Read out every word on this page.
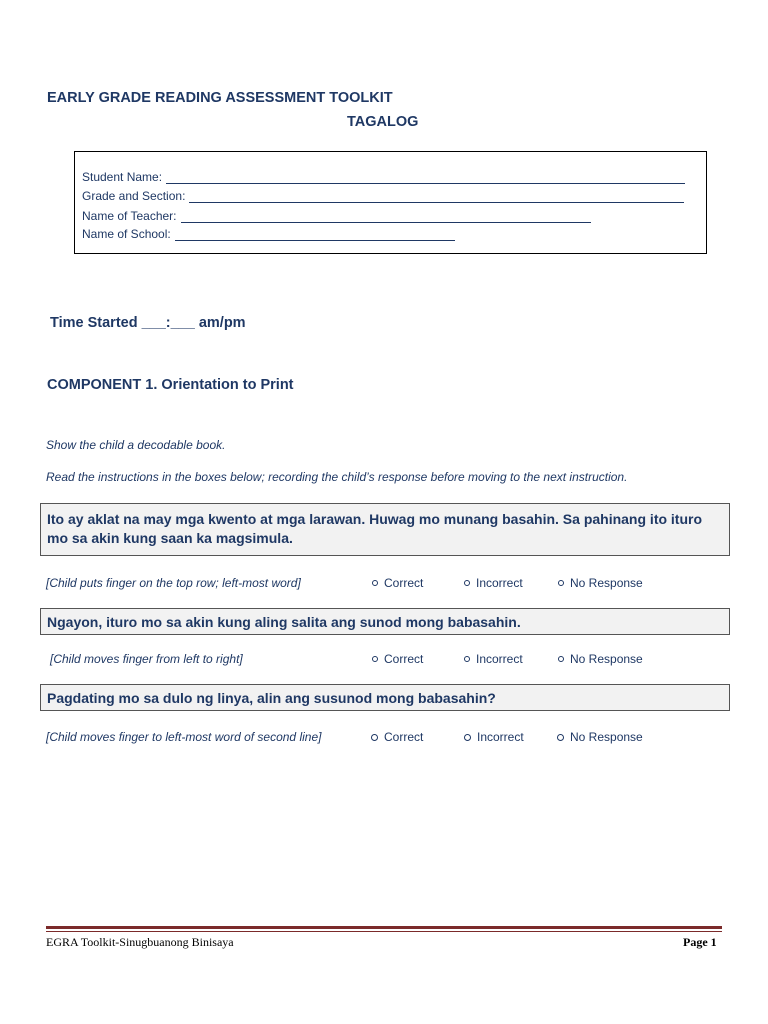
EARLY GRADE READING ASSESSMENT TOOLKIT
TAGALOG
Student Name:
Grade and Section:
Name of Teacher:
Name of School:
Time Started ___:___ am/pm
COMPONENT 1. Orientation to Print
Show the child a decodable book.
Read the instructions in the boxes below; recording the child’s response before moving to the next instruction.
Ito ay aklat na may mga kwento at mga larawan. Huwag mo munang basahin. Sa pahinang ito ituro mo sa akin kung saan ka magsimula.
[Child puts finger on the top row; left-most word]	Correct	Incorrect	No Response
Ngayon, ituro mo sa akin kung aling salita ang sunod mong babasahin.
[Child moves finger from left to right]	Correct	Incorrect	No Response
Pagdating mo sa dulo ng linya, alin ang susunod mong babasahin?
[Child moves finger to left-most word of second line]	Correct	Incorrect	No Response
EGRA Toolkit-Sinugbuanong Binisaya	Page 1
